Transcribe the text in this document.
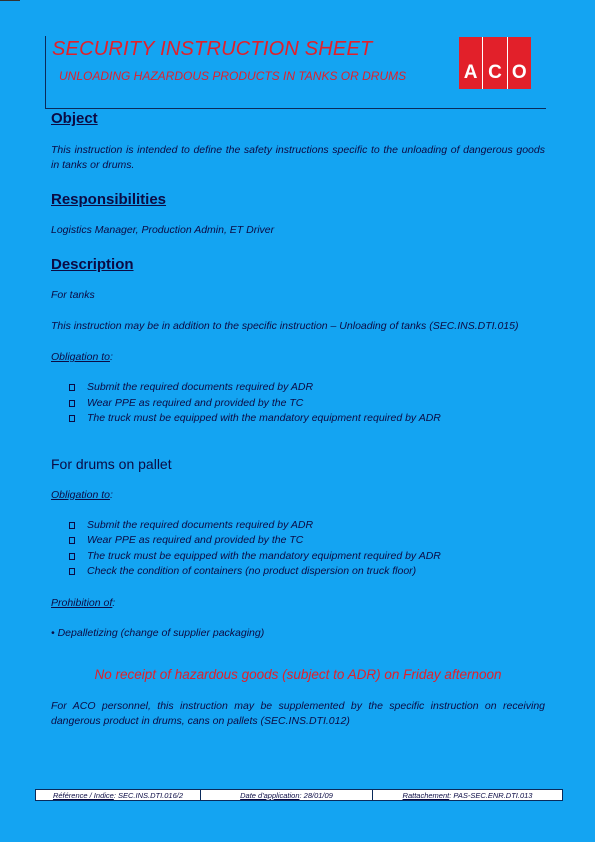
SECURITY INSTRUCTION SHEET
UNLOADING HAZARDOUS PRODUCTS IN TANKS OR DRUMS	A C O
Object

This instruction is intended to define the safety instructions specific to the unloading of dangerous goods in tanks or drums.

Responsibilities

Logistics Manager, Production Admin, ET Driver

Description

For tanks

This instruction may be in addition to the specific instruction – Unloading of tanks (SEC.INS.DTI.015)

Obligation to:

Submit the required documents required by ADR
Wear PPE as required and provided by the TC
The truck must be equipped with the mandatory equipment required by ADR

For drums on pallet

Obligation to:

Submit the required documents required by ADR
Wear PPE as required and provided by the TC
The truck must be equipped with the mandatory equipment required by ADR
Check the condition of containers (no product dispersion on truck floor)

Prohibition of:

• Depalletizing (change of supplier packaging)

No receipt of hazardous goods (subject to ADR) on Friday afternoon

For ACO personnel, this instruction may be supplemented by the specific instruction on receiving dangerous product in drums, cans on pallets (SEC.INS.DTI.012)

Référence / Indice : SEC.INS.DTI.016/2	Date d'application : 28/01/09	Rattachement : PAS-SEC.ENR.DTI.013
